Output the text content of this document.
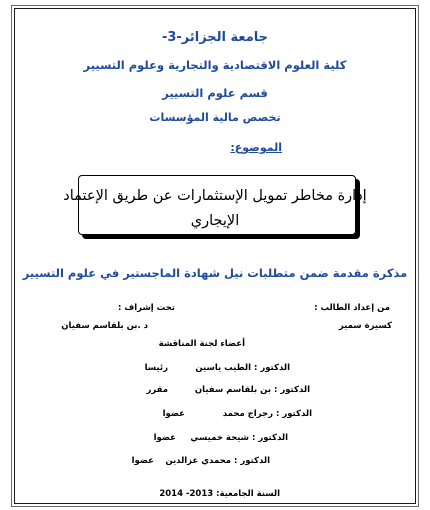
جامعة الجزائر-3-
كلية العلوم الاقتصادية والتجارية وعلوم التسيير
قسم علوم التسيير
تخصص مالية المؤسسات
الموضوع:
إدارة مخاطر تمويل الإستثمارات عن طريق الإعتماد
الإيجاري
مذكرة مقدمة ضمن متطلبات نيل شهادة الماجستير في علوم التسيير
من إعداد الطالب :
تحت إشراف :
كسيرة سمير
د .بن بلقاسم سفيان
أعضاء لجنة المناقشة
الدكتور : الطيب ياسين
رئيسا
الدكتور : بن بلقاسم سفيان
مقرر
الدكتور : رجراج محمد
عضوا
الدكتور : شيحة خميسي
عضوا
الدكتور : محمدي عزالدين
عضوا
السنة الجامعية: 2013- 2014
